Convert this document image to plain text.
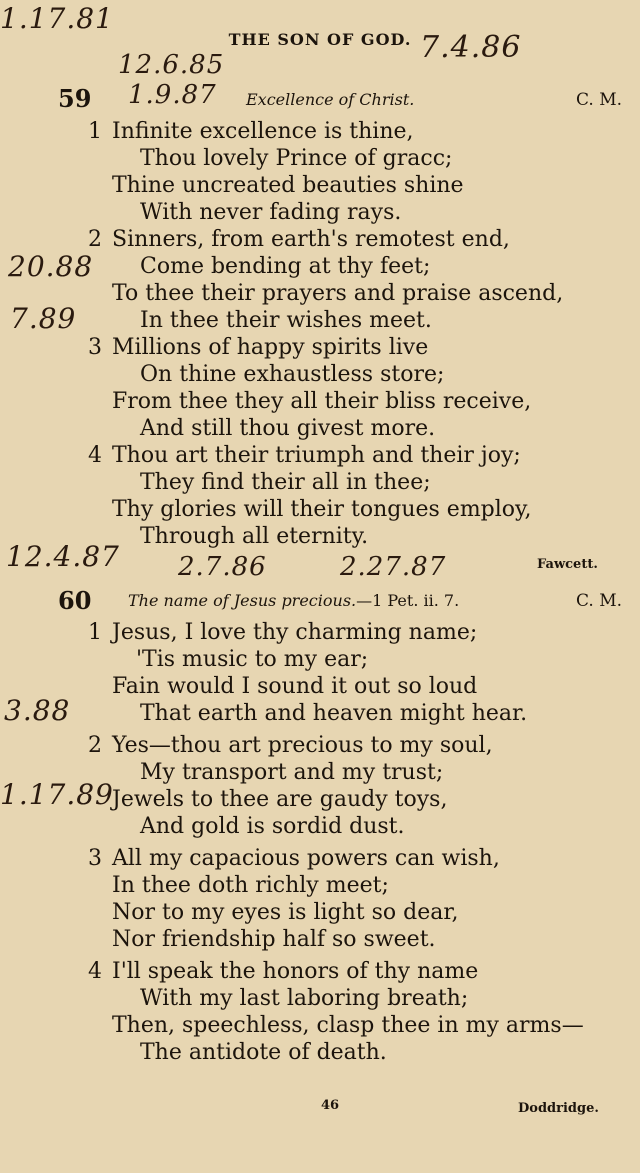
THE SON OF GOD.
1.17.81
12.6.85	7.4.86
59 1.9.87 Excellence of Christ.	C. M.
1 Infinite excellence is thine,
Thou lovely Prince of gracc;
Thine uncreated beauties shine
With never fading rays.
2 Sinners, from earth's remotest end,
Come bending at thy feet;
To thee their prayers and praise ascend,
In thee their wishes meet.
3 Millions of happy spirits live
On thine exhaustless store;
From thee they all their bliss receive,
And still thou givest more.
4 Thou art their triumph and their joy;
They find their all in thee;
Thy glories will their tongues employ,
Through all eternity.
20.88
7.89
12.4.87 2.7.86	2.27.87	Fawcett.
60 The name of Jesus precious.—1 Pet. ii. 7.	C. M.
1 Jesus, I love thy charming name;
'Tis music to my ear;
Fain would I sound it out so loud
That earth and heaven might hear.
2 Yes—thou art precious to my soul,
My transport and my trust;
Jewels to thee are gaudy toys,
And gold is sordid dust.
3 All my capacious powers can wish,
In thee doth richly meet;
Nor to my eyes is light so dear,
Nor friendship half so sweet.
4 I'll speak the honors of thy name
With my last laboring breath;
Then, speechless, clasp thee in my arms—
The antidote of death.
3.88
1.17.89
46	Doddridge.
